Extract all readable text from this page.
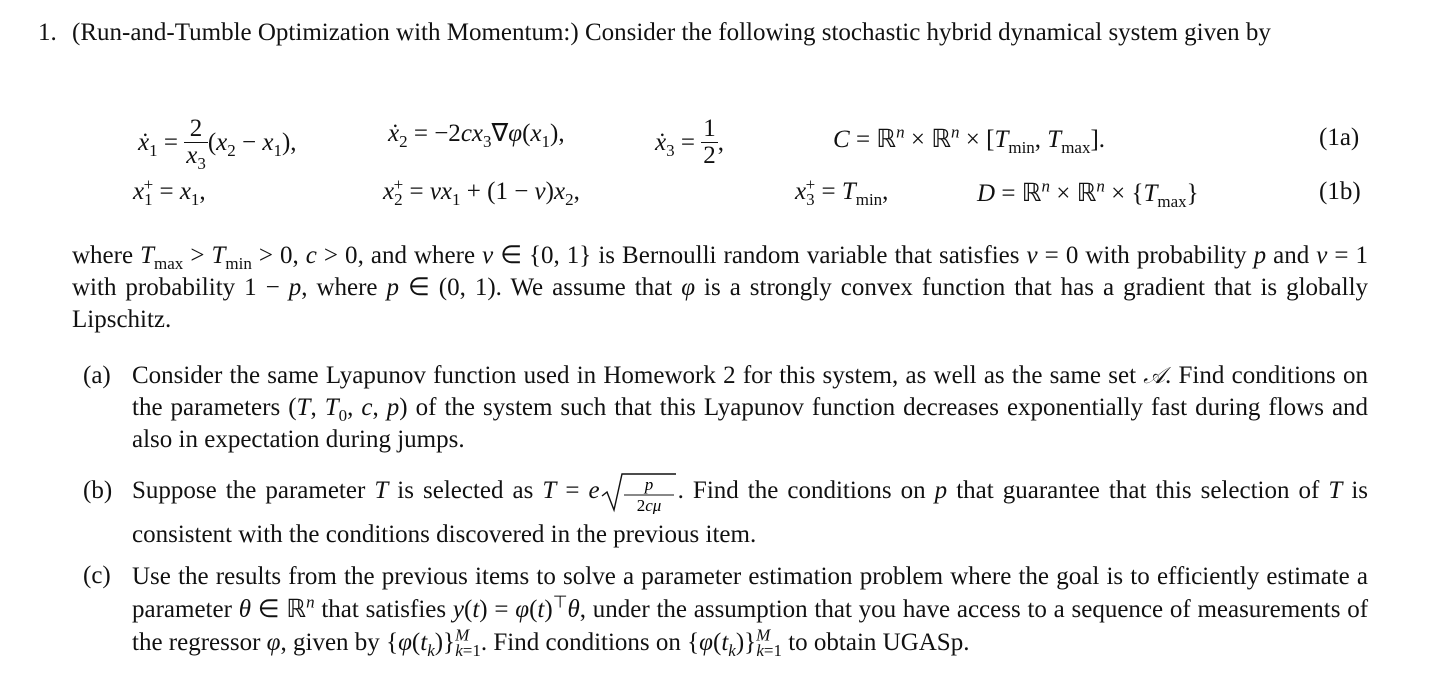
1. (Run-and-Tumble Optimization with Momentum:) Consider the following stochastic hybrid dynamical system given by
ẋ$_1$ = $\frac{2}{x_3} (x_2 - x_1)$,	ẋ$_2$ = $-2cx_3\nabla\varphi(x_1)$,	ẋ$_3$ = $\frac{1}{2}$ ,	C = ℝ$^n$ × ℝ$^n$ × [$T_{min}$, $T_{max}$].	(1a)
$x_1^+ = x_1$,	$x_2^+ = vx_1 + (1 - v)x_2$,	$x_3^+ = T_{min}$,	D = ℝ$^n$ × ℝ$^n$ × $\{T_{max}\}$	(1b)
where $T_{max} > T_{min} > 0$, c > 0, and where v ∈ {0, 1} is Bernoulli random variable that satisfies v = 0 with probability p and v = 1 with probability 1 − p, where p ∈ (0, 1). We assume that φ is a strongly convex function that has a gradient that is globally Lipschitz.
(a) Consider the same Lyapunov function used in Homework 2 for this system, as well as the same set 𝒜. Find conditions on the parameters (T, $T_0$, c, p) of the system such that this Lyapunov function decreases exponentially fast during flows and also in expectation during jumps.
(b) Suppose the parameter T is selected as T = e	p
2cμ
. Find the conditions on p that guarantee that this selection of T is consistent with the conditions discovered in the previous item.
(c) Use the results from the previous items to solve a parameter estimation problem where the goal is to efficiently estimate a parameter θ ∈ ℝ$^n$ that satisfies y(t) = φ(t)⊤θ, under the assumption that you have access to a sequence of measurements of the regressor φ, given by $\{\varphi(t_k)\}^M_{k=1}$. Find conditions on $\{\varphi(t_k)\}^M_{k=1}$ to obtain UGASp.
